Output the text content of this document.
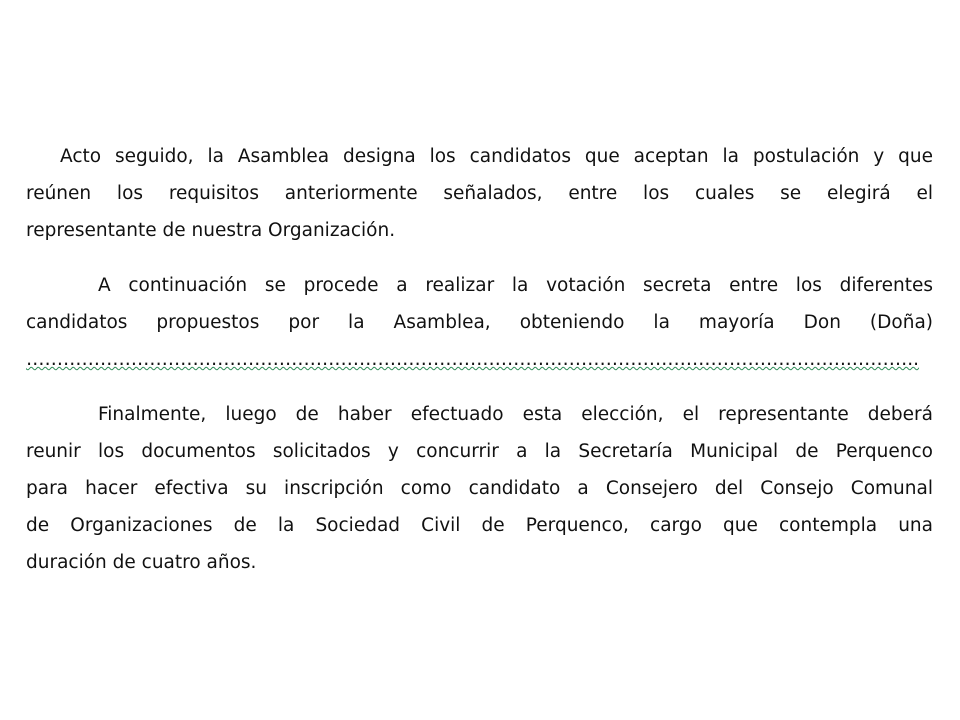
Acto seguido, la Asamblea designa los candidatos que aceptan la postulación y que
reúnen los requisitos anteriormente señalados, entre los cuales se elegirá el
representante de nuestra Organización.
A continuación se procede a realizar la votación secreta entre los diferentes
candidatos propuestos por la Asamblea, obteniendo la mayoría Don (Doña)
……………………………………………………………………………………………………………………..………..
Finalmente, luego de haber efectuado esta elección, el representante deberá
reunir los documentos solicitados y concurrir a la Secretaría Municipal de Perquenco
para hacer efectiva su inscripción como candidato a Consejero del Consejo Comunal
de Organizaciones de la Sociedad Civil de Perquenco, cargo que contempla una
duración de cuatro años.
